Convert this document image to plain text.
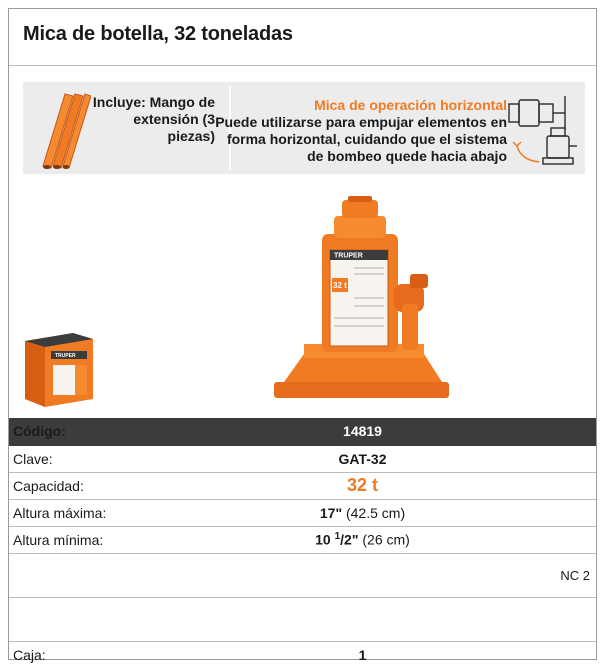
Mica de botella, 32 toneladas
Incluye: Mango de extensión (3 piezas)
Mica de operación horizontal
Puede utilizarse para empujar elementos en forma horizontal, cuidando que el sistema de bombeo quede hacia abajo
TRUPER
32 t
TRUPER
Código:	14819
Clave:	GAT-32
Capacidad:	32 t
Altura máxima:	17" (42.5 cm)
Altura mínima:	10 $^1$/2" (26 cm)
	NC 2

Caja:	1
